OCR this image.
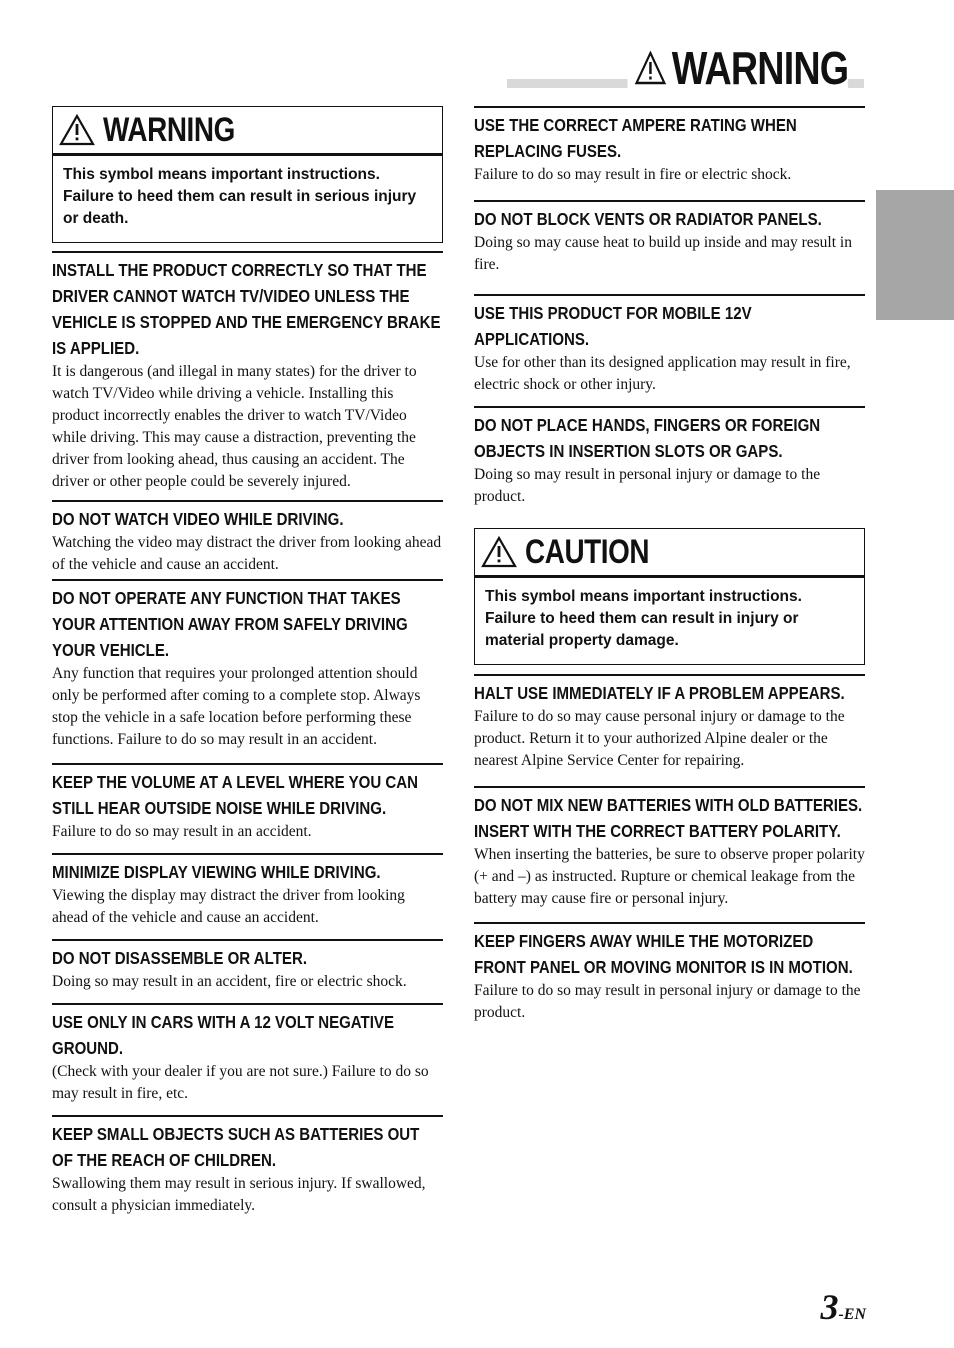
WARNING
WARNING
This symbol means important instructions. Failure to heed them can result in serious injury or death.
INSTALL THE PRODUCT CORRECTLY SO THAT THE DRIVER CANNOT WATCH TV/VIDEO UNLESS THE VEHICLE IS STOPPED AND THE EMERGENCY BRAKE IS APPLIED.

It is dangerous (and illegal in many states) for the driver to watch TV/Video while driving a vehicle. Installing this product incorrectly enables the driver to watch TV/Video while driving. This may cause a distraction, preventing the driver from looking ahead, thus causing an accident. The driver or other people could be severely injured.

DO NOT WATCH VIDEO WHILE DRIVING.

Watching the video may distract the driver from looking ahead of the vehicle and cause an accident.

DO NOT OPERATE ANY FUNCTION THAT TAKES YOUR ATTENTION AWAY FROM SAFELY DRIVING YOUR VEHICLE.

Any function that requires your prolonged attention should only be performed after coming to a complete stop. Always stop the vehicle in a safe location before performing these functions. Failure to do so may result in an accident.

KEEP THE VOLUME AT A LEVEL WHERE YOU CAN STILL HEAR OUTSIDE NOISE WHILE DRIVING.

Failure to do so may result in an accident.

MINIMIZE DISPLAY VIEWING WHILE DRIVING.

Viewing the display may distract the driver from looking ahead of the vehicle and cause an accident.

DO NOT DISASSEMBLE OR ALTER.

Doing so may result in an accident, fire or electric shock.

USE ONLY IN CARS WITH A 12 VOLT NEGATIVE GROUND.

(Check with your dealer if you are not sure.) Failure to do so may result in fire, etc.

KEEP SMALL OBJECTS SUCH AS BATTERIES OUT OF THE REACH OF CHILDREN.

Swallowing them may result in serious injury. If swallowed, consult a physician immediately.

USE THE CORRECT AMPERE RATING WHEN REPLACING FUSES.

Failure to do so may result in fire or electric shock.

DO NOT BLOCK VENTS OR RADIATOR PANELS.

Doing so may cause heat to build up inside and may result in fire.

USE THIS PRODUCT FOR MOBILE 12V APPLICATIONS.

Use for other than its designed application may result in fire, electric shock or other injury.

DO NOT PLACE HANDS, FINGERS OR FOREIGN OBJECTS IN INSERTION SLOTS OR GAPS.

Doing so may result in personal injury or damage to the product.

CAUTION
This symbol means important instructions. Failure to heed them can result in injury or material property damage.
HALT USE IMMEDIATELY IF A PROBLEM APPEARS.

Failure to do so may cause personal injury or damage to the product. Return it to your authorized Alpine dealer or the nearest Alpine Service Center for repairing.

DO NOT MIX NEW BATTERIES WITH OLD BATTERIES. INSERT WITH THE CORRECT BATTERY POLARITY.

When inserting the batteries, be sure to observe proper polarity (+ and –) as instructed. Rupture or chemical leakage from the battery may cause fire or personal injury.

KEEP FINGERS AWAY WHILE THE MOTORIZED FRONT PANEL OR MOVING MONITOR IS IN MOTION.

Failure to do so may result in personal injury or damage to the product.

3-EN
